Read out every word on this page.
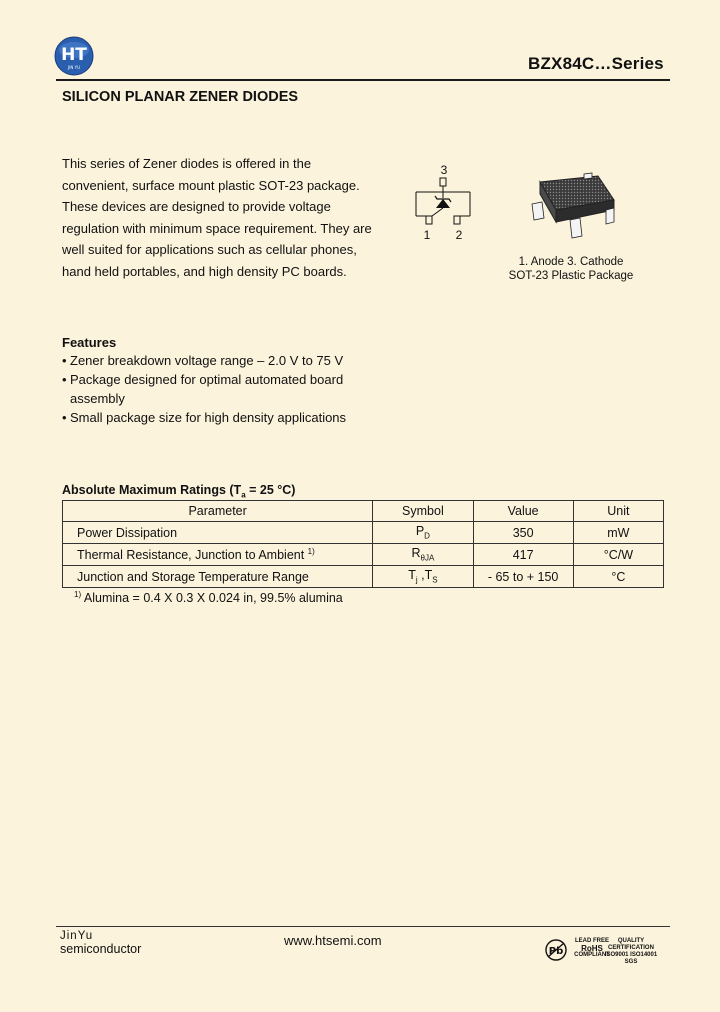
HT
JIN YU	BZX84C…Series
SILICON PLANAR ZENER DIODES
This series of Zener diodes is offered in the
convenient, surface mount plastic SOT-23 package.
These devices are designed to provide voltage
regulation with minimum space requirement. They are
well suited for applications such as cellular phones,
hand held portables, and high density PC boards.
3
1 2
1. Anode 3. Cathode
SOT-23 Plastic Package
Features
• Zener breakdown voltage range – 2.0 V to 75 V
• Package designed for optimal automated board assembly
• Small package size for high density applications
Absolute Maximum Ratings ($T_a = 25$ °C)
Parameter	Symbol	Value	Unit
Power Dissipation	$P_D$	350	mW
Thermal Resistance, Junction to Ambient $^{1)}$	$R_{\theta JA}$	417	°C/W
Junction and Storage Temperature Range	$T_j$ $,T_S$	- 65 to + 150	°C
$^{1)}$ Alumina = 0.4 X 0.3 X 0.024 in, 99.5% alumina
JinYu
semiconductor
www.htsemi.com
Pb
LEAD FREE
RoHS
COMPLIANT
QUALITY
CERTIFICATION
ISO9001 ISO14001
SGS
